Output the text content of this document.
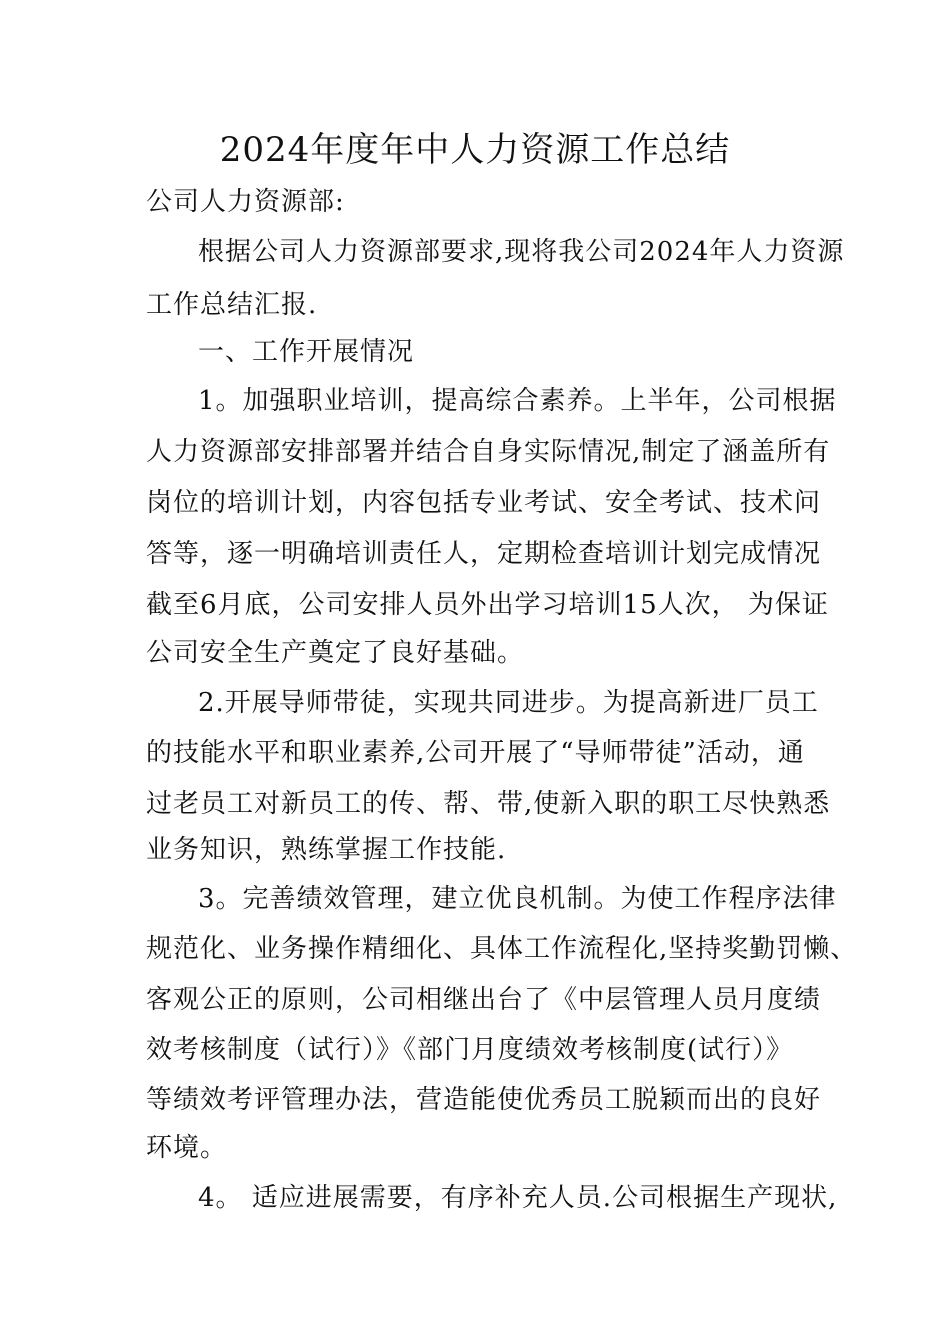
2024年度年中人力资源工作总结
公司人力资源部:
根据公司人力资源部要求,现将我公司2024年人力资源
工作总结汇报.
一、工作开展情况
1。加强职业培训，提高综合素养。上半年，公司根据
人力资源部安排部署并结合自身实际情况,制定了涵盖所有
岗位的培训计划，内容包括专业考试、安全考试、技术问
答等，逐一明确培训责任人，定期检查培训计划完成情况
截至6月底，公司安排人员外出学习培训15人次， 为保证
公司安全生产奠定了良好基础。
2.开展导师带徒，实现共同进步。为提高新进厂员工
的技能水平和职业素养,公司开展了“导师带徒”活动，通
过老员工对新员工的传、帮、带,使新入职的职工尽快熟悉
业务知识，熟练掌握工作技能.
3。完善绩效管理，建立优良机制。为使工作程序法律
规范化、业务操作精细化、具体工作流程化,坚持奖勤罚懒、
客观公正的原则，公司相继出台了《中层管理人员月度绩
效考核制度（试行）》《部门月度绩效考核制度(试行）》
等绩效考评管理办法，营造能使优秀员工脱颖而出的良好
环境。
4。 适应进展需要，有序补充人员.公司根据生产现状,
